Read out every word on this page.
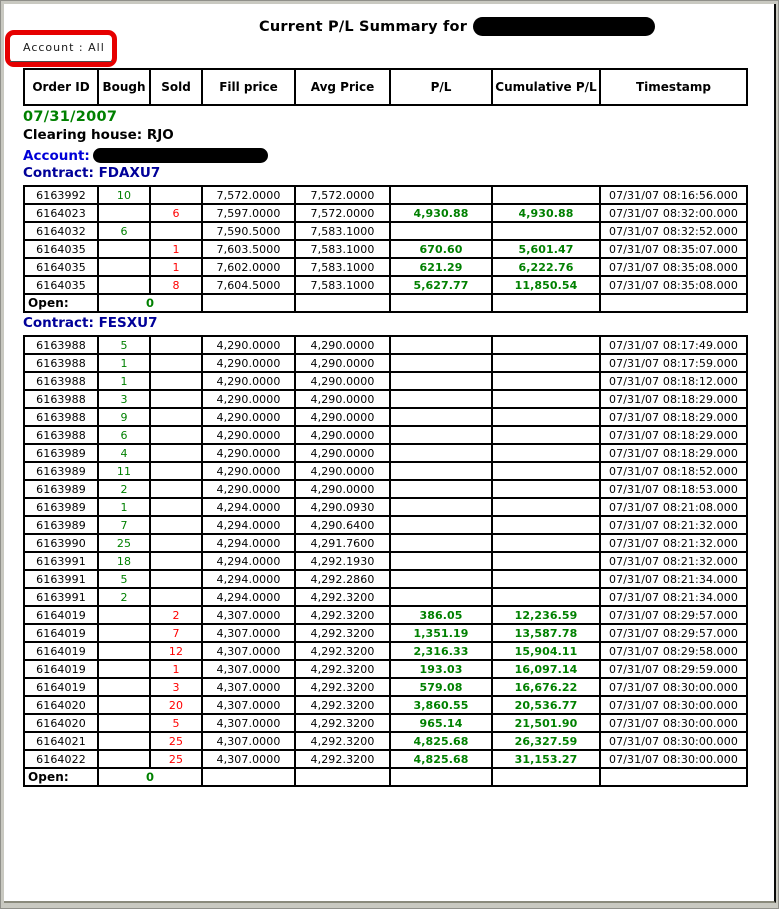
Current P/L Summary for
Account : All
Order ID	Bough	Sold	Fill price	Avg Price	P/L	Cumulative P/L	Timestamp
07/31/2007
Clearing house: RJO
Account:
Contract: FDAXU7
6163992	10		7,572.0000	7,572.0000			07/31/07 08:16:56.000
6164023		6	7,597.0000	7,572.0000	4,930.88	4,930.88	07/31/07 08:32:00.000
6164032	6		7,590.5000	7,583.1000			07/31/07 08:32:52.000
6164035		1	7,603.5000	7,583.1000	670.60	5,601.47	07/31/07 08:35:07.000
6164035		1	7,602.0000	7,583.1000	621.29	6,222.76	07/31/07 08:35:08.000
6164035		8	7,604.5000	7,583.1000	5,627.77	11,850.54	07/31/07 08:35:08.000
Open:	0						
Contract: FESXU7
6163988	5		4,290.0000	4,290.0000			07/31/07 08:17:49.000
6163988	1		4,290.0000	4,290.0000			07/31/07 08:17:59.000
6163988	1		4,290.0000	4,290.0000			07/31/07 08:18:12.000
6163988	3		4,290.0000	4,290.0000			07/31/07 08:18:29.000
6163988	9		4,290.0000	4,290.0000			07/31/07 08:18:29.000
6163988	6		4,290.0000	4,290.0000			07/31/07 08:18:29.000
6163989	4		4,290.0000	4,290.0000			07/31/07 08:18:29.000
6163989	11		4,290.0000	4,290.0000			07/31/07 08:18:52.000
6163989	2		4,290.0000	4,290.0000			07/31/07 08:18:53.000
6163989	1		4,294.0000	4,290.0930			07/31/07 08:21:08.000
6163989	7		4,294.0000	4,290.6400			07/31/07 08:21:32.000
6163990	25		4,294.0000	4,291.7600			07/31/07 08:21:32.000
6163991	18		4,294.0000	4,292.1930			07/31/07 08:21:32.000
6163991	5		4,294.0000	4,292.2860			07/31/07 08:21:34.000
6163991	2		4,294.0000	4,292.3200			07/31/07 08:21:34.000
6164019		2	4,307.0000	4,292.3200	386.05	12,236.59	07/31/07 08:29:57.000
6164019		7	4,307.0000	4,292.3200	1,351.19	13,587.78	07/31/07 08:29:57.000
6164019		12	4,307.0000	4,292.3200	2,316.33	15,904.11	07/31/07 08:29:58.000
6164019		1	4,307.0000	4,292.3200	193.03	16,097.14	07/31/07 08:29:59.000
6164019		3	4,307.0000	4,292.3200	579.08	16,676.22	07/31/07 08:30:00.000
6164020		20	4,307.0000	4,292.3200	3,860.55	20,536.77	07/31/07 08:30:00.000
6164020		5	4,307.0000	4,292.3200	965.14	21,501.90	07/31/07 08:30:00.000
6164021		25	4,307.0000	4,292.3200	4,825.68	26,327.59	07/31/07 08:30:00.000
6164022		25	4,307.0000	4,292.3200	4,825.68	31,153.27	07/31/07 08:30:00.000
Open:	0						
